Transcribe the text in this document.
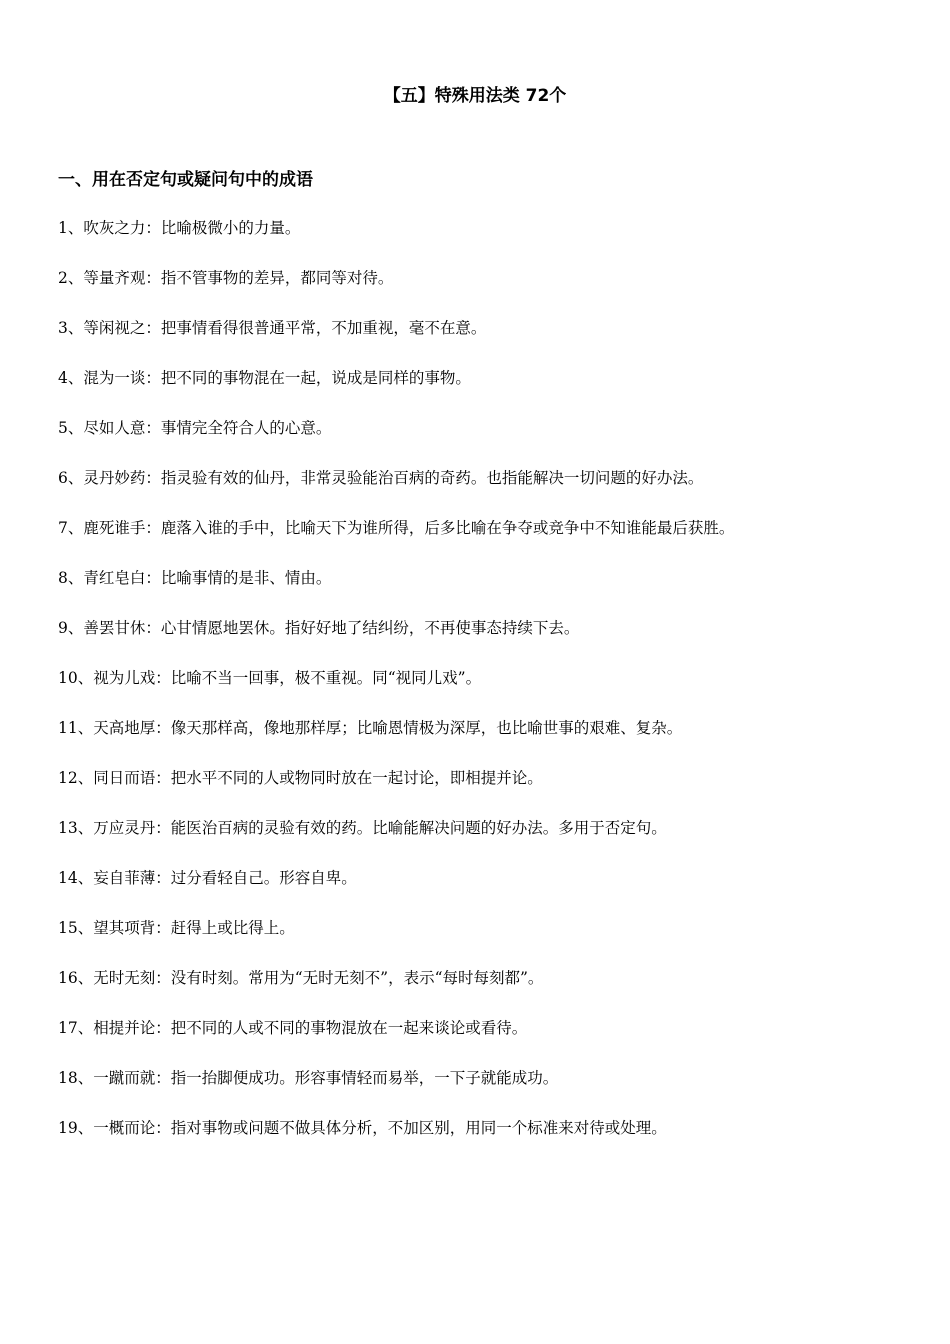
【五】特殊用法类 72个
一、用在否定句或疑问句中的成语
1、吹灰之力：比喻极微小的力量。
2、等量齐观：指不管事物的差异，都同等对待。
3、等闲视之：把事情看得很普通平常，不加重视，毫不在意。
4、混为一谈：把不同的事物混在一起，说成是同样的事物。
5、尽如人意：事情完全符合人的心意。
6、灵丹妙药：指灵验有效的仙丹，非常灵验能治百病的奇药。也指能解决一切问题的好办法。
7、鹿死谁手：鹿落入谁的手中，比喻天下为谁所得，后多比喻在争夺或竞争中不知谁能最后获胜。
8、青红皂白：比喻事情的是非、情由。
9、善罢甘休：心甘情愿地罢休。指好好地了结纠纷，不再使事态持续下去。
10、视为儿戏：比喻不当一回事，极不重视。同“视同儿戏”。
11、天高地厚：像天那样高，像地那样厚；比喻恩情极为深厚，也比喻世事的艰难、复杂。
12、同日而语：把水平不同的人或物同时放在一起讨论，即相提并论。
13、万应灵丹：能医治百病的灵验有效的药。比喻能解决问题的好办法。多用于否定句。
14、妄自菲薄：过分看轻自己。形容自卑。
15、望其项背：赶得上或比得上。
16、无时无刻：没有时刻。常用为“无时无刻不”，表示“每时每刻都”。
17、相提并论：把不同的人或不同的事物混放在一起来谈论或看待。
18、一蹴而就：指一抬脚便成功。形容事情轻而易举，一下子就能成功。
19、一概而论：指对事物或问题不做具体分析，不加区别，用同一个标准来对待或处理。
